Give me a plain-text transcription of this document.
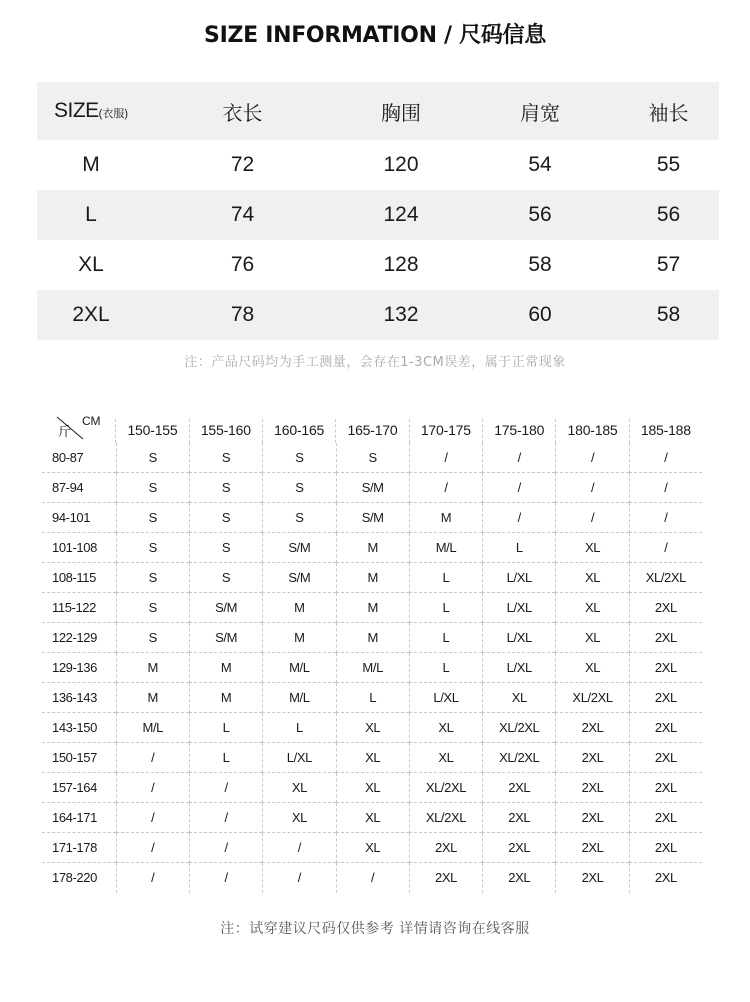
SIZE INFORMATION / 尺码信息
SIZE(衣服)	衣长	胸围	肩宽	袖长
M	72	120	54	55
L	74	124	56	56
XL	76	128	58	57
2XL	78	132	60	58
注：产品尺码均为手工测量，会存在1-3CM误差，属于正常现象
斤
CM
150-155	155-160	160-165	165-170	170-175	175-180	180-185	185-188
80-87	S	S	S	S	/	/	/	/
87-94	S	S	S	S/M	/	/	/	/
94-101	S	S	S	S/M	M	/	/	/
101-108	S	S	S/M	M	M/L	L	XL	/
108-115	S	S	S/M	M	L	L/XL	XL	XL/2XL
115-122	S	S/M	M	M	L	L/XL	XL	2XL
122-129	S	S/M	M	M	L	L/XL	XL	2XL
129-136	M	M	M/L	M/L	L	L/XL	XL	2XL
136-143	M	M	M/L	L	L/XL	XL	XL/2XL	2XL
143-150	M/L	L	L	XL	XL	XL/2XL	2XL	2XL
150-157	/	L	L/XL	XL	XL	XL/2XL	2XL	2XL
157-164	/	/	XL	XL	XL/2XL	2XL	2XL	2XL
164-171	/	/	XL	XL	XL/2XL	2XL	2XL	2XL
171-178	/	/	/	XL	2XL	2XL	2XL	2XL
178-220	/	/	/	/	2XL	2XL	2XL	2XL
注：试穿建议尺码仅供参考 详情请咨询在线客服
